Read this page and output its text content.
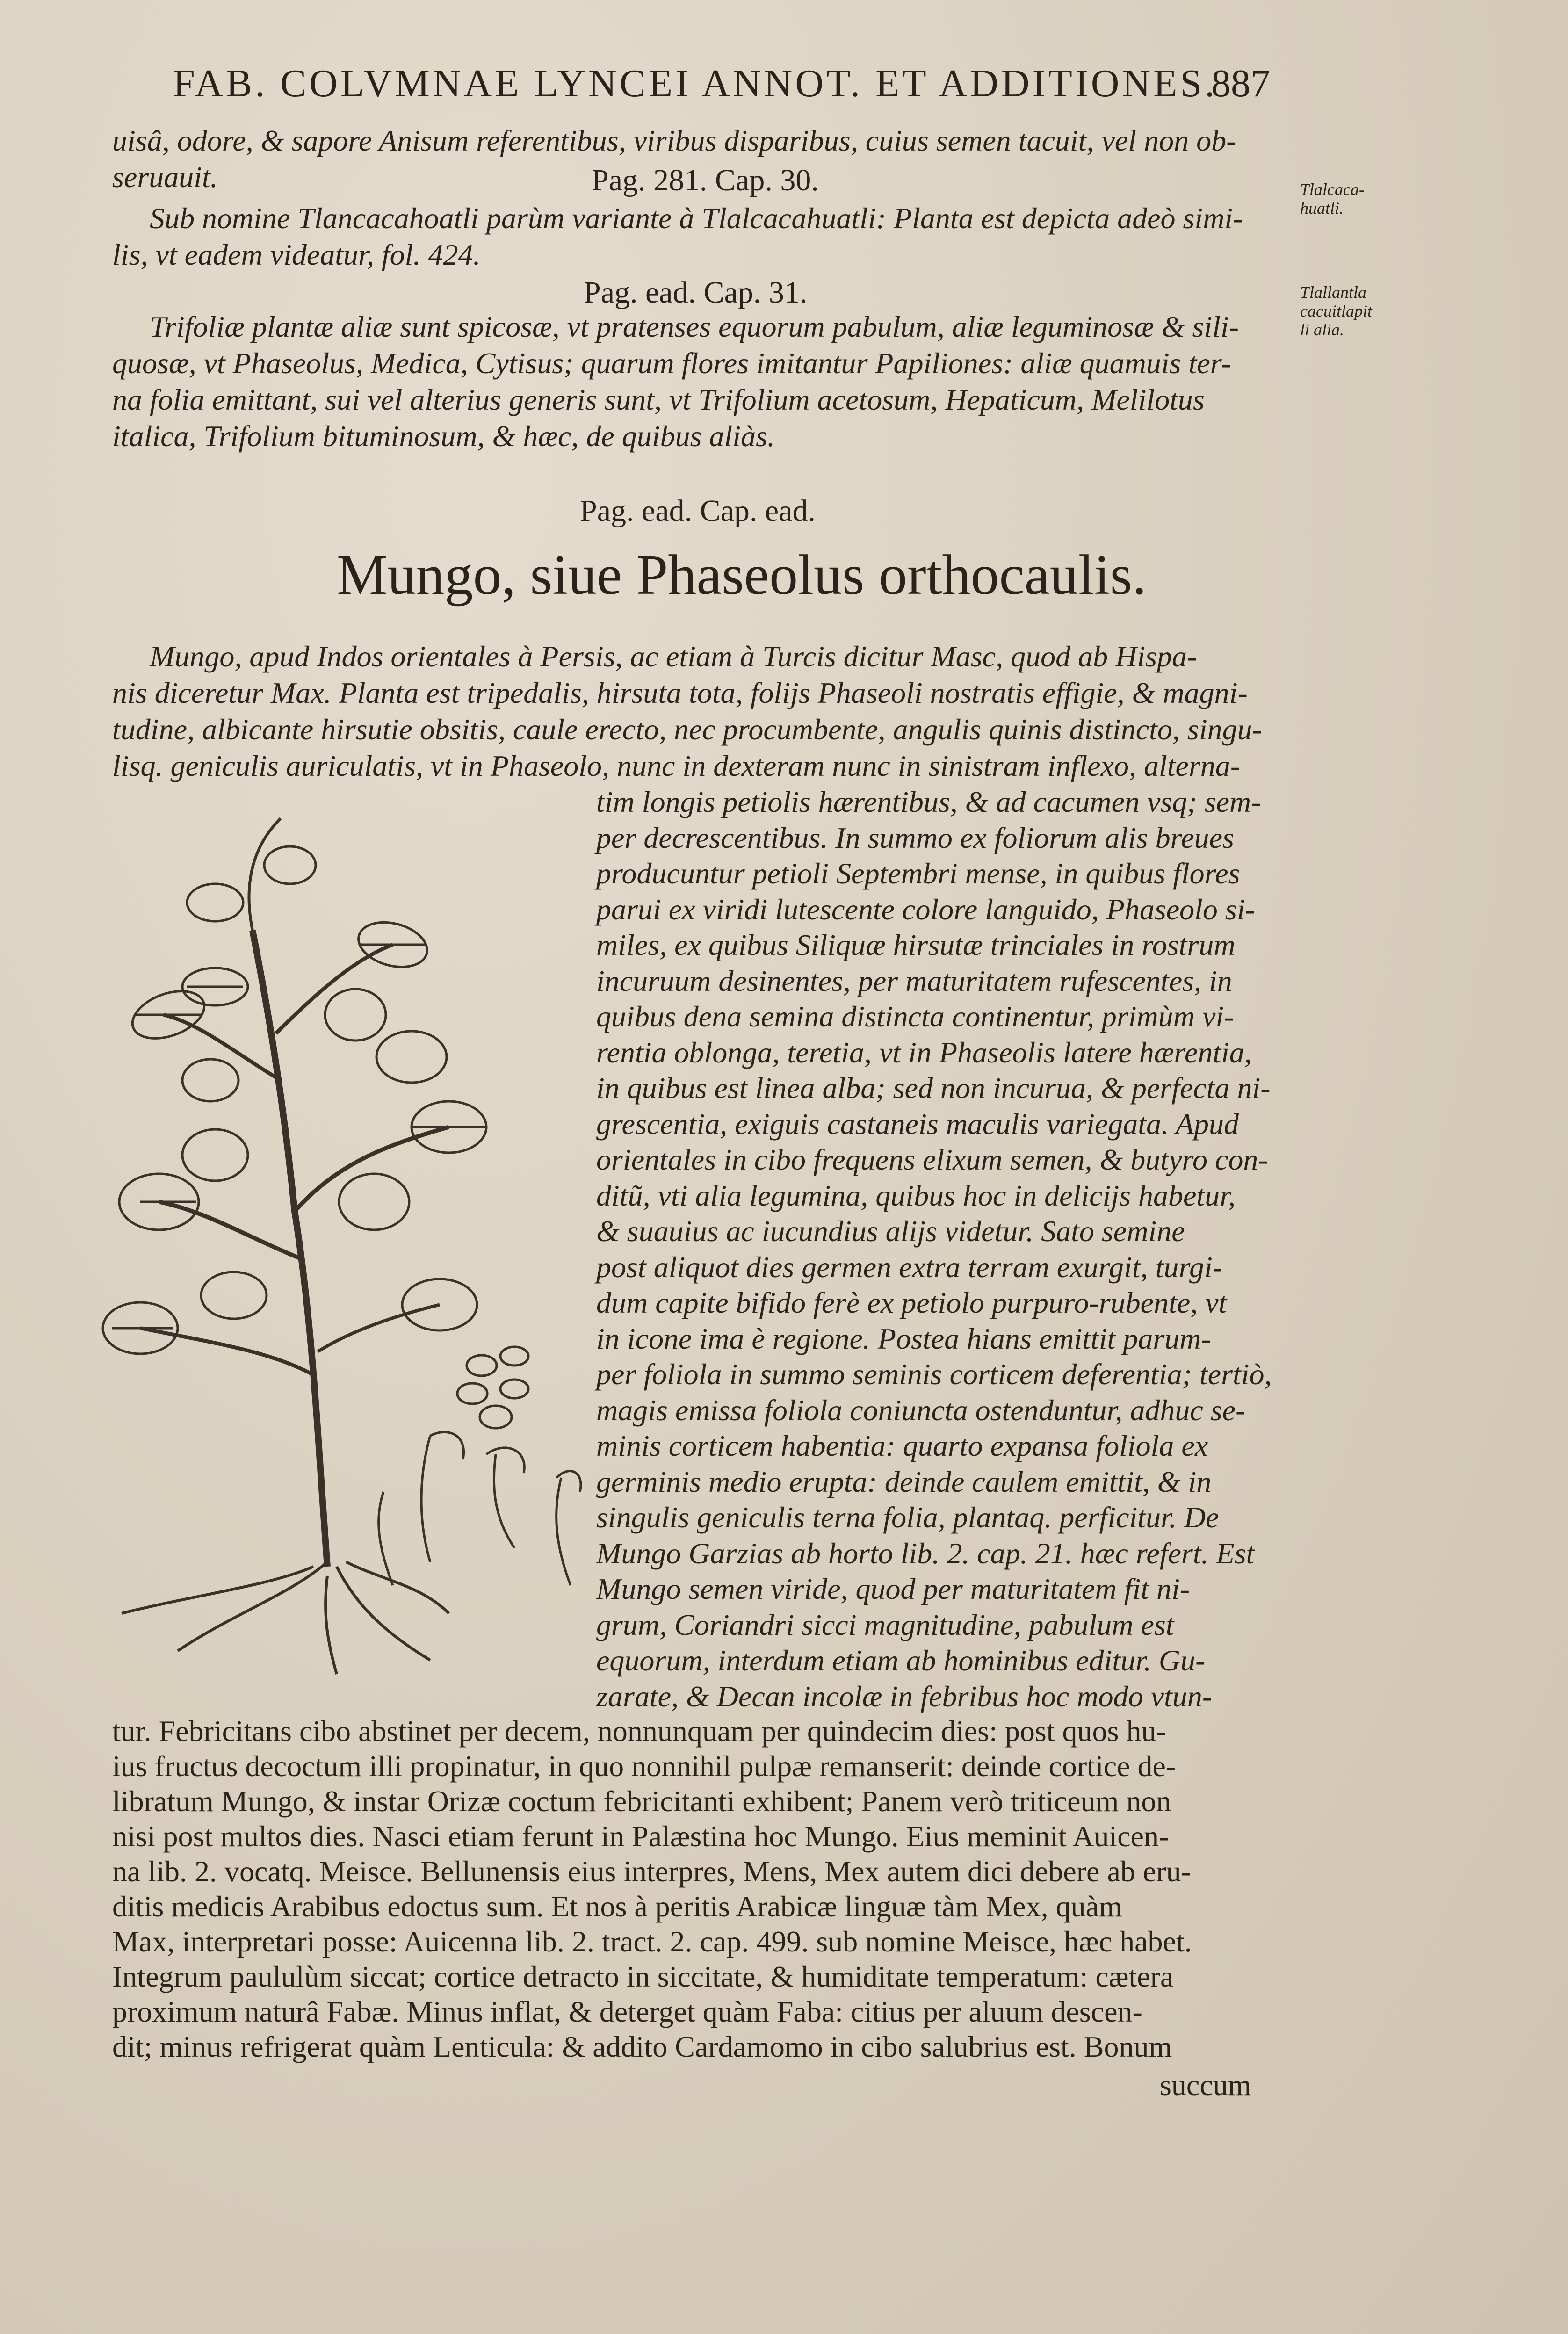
FAB. COLVMNAE LYNCEI ANNOT. ET ADDITIONES.
887
uisâ, odore, & sapore Anisum referentibus, viribus disparibus, cuius semen tacuit, vel non ob-
seruauit.	Pag. 281. Cap. 30.
Sub nomine Tlancacahoatli parùm variante à Tlalcacahuatli: Planta est depicta adeò simi-
lis, vt eadem videatur, fol. 424.
Pag. ead. Cap. 31.
Trifoliæ plantæ aliæ sunt spicosæ, vt pratenses equorum pabulum, aliæ leguminosæ & sili-
quosæ, vt Phaseolus, Medica, Cytisus; quarum flores imitantur Papiliones: aliæ quamuis ter-
na folia emittant, sui vel alterius generis sunt, vt Trifolium acetosum, Hepaticum, Melilotus
italica, Trifolium bituminosum, & hæc, de quibus aliàs.
Tlalcaca-
huatli.
Tlallantla
cacuitlapit
li alia.
Pag. ead. Cap. ead.
Mungo, siue Phaseolus orthocaulis.
Mungo, apud Indos orientales à Persis, ac etiam à Turcis dicitur Masc, quod ab Hispa-
nis diceretur Max. Planta est tripedalis, hirsuta tota, folijs Phaseoli nostratis effigie, & magni-
tudine, albicante hirsutie obsitis, caule erecto, nec procumbente, angulis quinis distincto, singu-
lisq. geniculis auriculatis, vt in Phaseolo, nunc in dexteram nunc in sinistram inflexo, alterna-
tim longis petiolis hærentibus, & ad cacumen vsq; sem-
per decrescentibus. In summo ex foliorum alis breues
producuntur petioli Septembri mense, in quibus flores
parui ex viridi lutescente colore languido, Phaseolo si-
miles, ex quibus Siliquæ hirsutæ trinciales in rostrum
incuruum desinentes, per maturitatem rufescentes, in
quibus dena semina distincta continentur, primùm vi-
rentia oblonga, teretia, vt in Phaseolis latere hærentia,
in quibus est linea alba; sed non incurua, & perfecta ni-
grescentia, exiguis castaneis maculis variegata. Apud
orientales in cibo frequens elixum semen, & butyro con-
ditũ, vti alia legumina, quibus hoc in delicijs habetur,
& suauius ac iucundius alijs videtur. Sato semine
post aliquot dies germen extra terram exurgit, turgi-
dum capite bifido ferè ex petiolo purpuro-rubente, vt
in icone ima è regione. Postea hians emittit parum-
per foliola in summo seminis corticem deferentia; tertiò,
magis emissa foliola coniuncta ostenduntur, adhuc se-
minis corticem habentia: quarto expansa foliola ex
germinis medio erupta: deinde caulem emittit, & in
singulis geniculis terna folia, plantaq. perficitur. De
Mungo Garzias ab horto lib. 2. cap. 21. hæc refert. Est
Mungo semen viride, quod per maturitatem fit ni-
grum, Coriandri sicci magnitudine, pabulum est
equorum, interdum etiam ab hominibus editur. Gu-
zarate, & Decan incolæ in febribus hoc modo vtun-
tur. Febricitans cibo abstinet per decem, nonnunquam per quindecim dies: post quos hu-
ius fructus decoctum illi propinatur, in quo nonnihil pulpæ remanserit: deinde cortice de-
libratum Mungo, & instar Orizæ coctum febricitanti exhibent; Panem verò triticeum non
nisi post multos dies. Nasci etiam ferunt in Palæstina hoc Mungo. Eius meminit Auicen-
na lib. 2. vocatq. Meisce. Bellunensis eius interpres, Mens, Mex autem dici debere ab eru-
ditis medicis Arabibus edoctus sum. Et nos à peritis Arabicæ linguæ tàm Mex, quàm
Max, interpretari posse: Auicenna lib. 2. tract. 2. cap. 499. sub nomine Meisce, hæc habet.
Integrum paululùm siccat; cortice detracto in siccitate, & humiditate temperatum: cætera
proximum naturâ Fabæ. Minus inflat, & deterget quàm Faba: citius per aluum descen-
dit; minus refrigerat quàm Lenticula: & addito Cardamomo in cibo salubrius est. Bonum
succum
